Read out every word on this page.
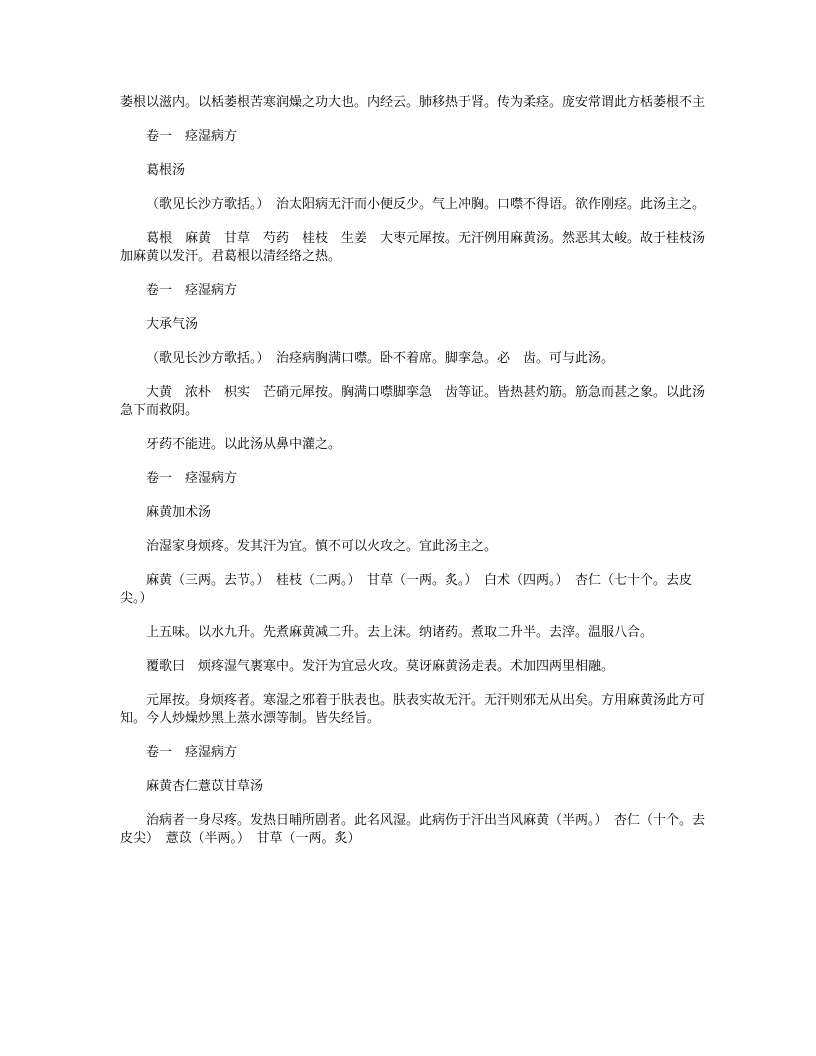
萎根以滋内。以栝萎根苦寒润燥之功大也。内经云。肺移热于肾。传为柔痉。庞安常谓此方栝萎根不主

卷一　痉湿病方

葛根汤

（歌见长沙方歌括。）　治太阳病无汗而小便反少。气上冲胸。口噤不得语。欲作刚痉。此汤主之。

葛根　麻黄　甘草　芍药　桂枝　生姜　大枣元犀按。无汗例用麻黄汤。然恶其太峻。故于桂枝汤加麻黄以发汗。君葛根以清经络之热。

卷一　痉湿病方

大承气汤

（歌见长沙方歌括。）　治痉病胸满口噤。卧不着席。脚挛急。必　齿。可与此汤。

大黄　浓朴　枳实　芒硝元犀按。胸满口噤脚挛急　齿等证。皆热甚灼筋。筋急而甚之象。以此汤急下而救阴。

牙药不能进。以此汤从鼻中灌之。

卷一　痉湿病方

麻黄加术汤

治湿家身烦疼。发其汗为宜。慎不可以火攻之。宜此汤主之。

麻黄（三两。去节。）　桂枝（二两。）　甘草（一两。炙。）　白术（四两。）　杏仁（七十个。去皮尖。）

上五味。以水九升。先煮麻黄减二升。去上沫。纳诸药。煮取二升半。去滓。温服八合。

覆歌曰　烦疼湿气裹寒中。发汗为宜忌火攻。莫讶麻黄汤走表。术加四两里相融。

元犀按。身烦疼者。寒湿之邪着于肤表也。肤表实故无汗。无汗则邪无从出矣。方用麻黄汤此方可知。今人炒燥炒黑上蒸水漂等制。皆失经旨。

卷一　痉湿病方

麻黄杏仁薏苡甘草汤

治病者一身尽疼。发热日晡所剧者。此名风湿。此病伤于汗出当风麻黄（半两。）　杏仁（十个。去皮尖）　薏苡（半两。）　甘草（一两。炙）
